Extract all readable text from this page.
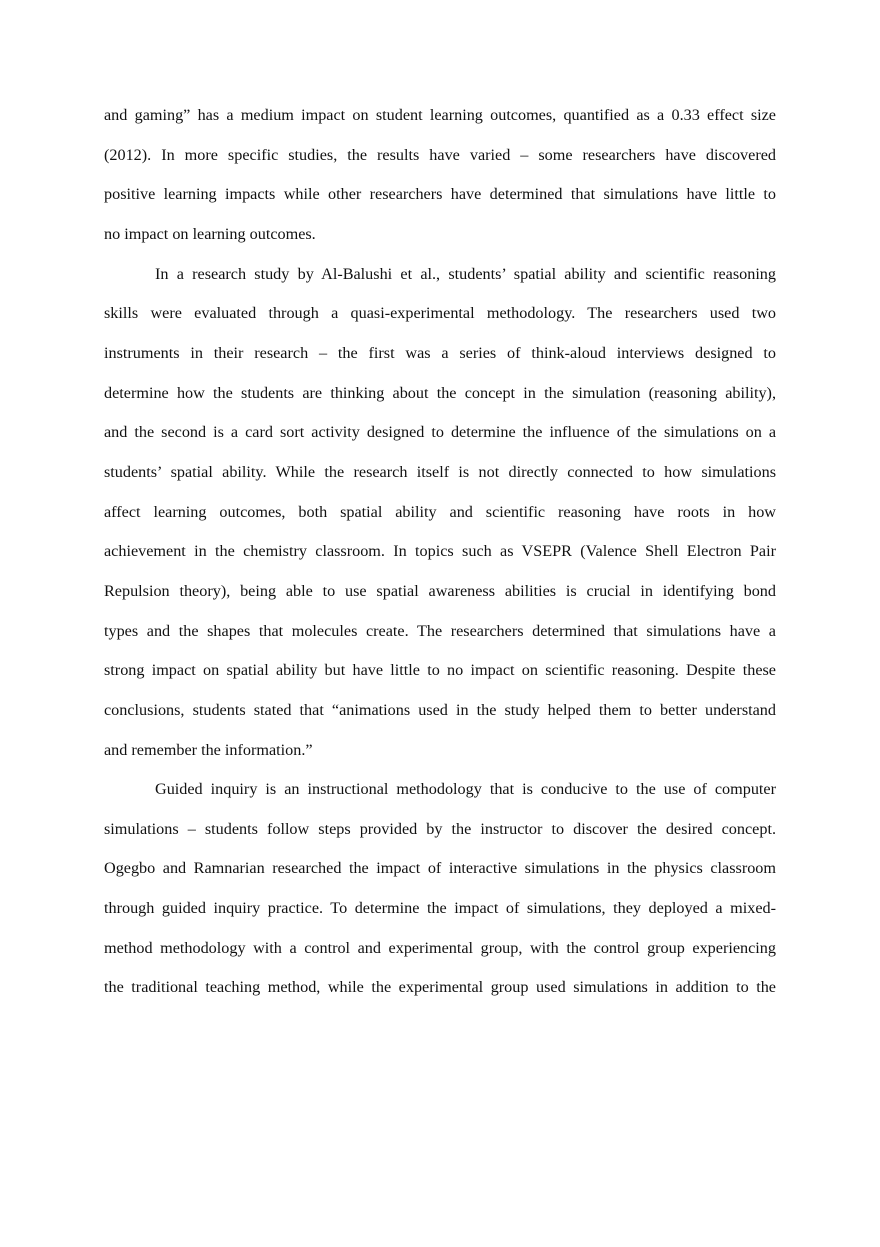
and gaming” has a medium impact on student learning outcomes, quantified as a 0.33 effect size
(2012). In more specific studies, the results have varied – some researchers have discovered
positive learning impacts while other researchers have determined that simulations have little to
no impact on learning outcomes.
In a research study by Al-Balushi et al., students’ spatial ability and scientific reasoning
skills were evaluated through a quasi-experimental methodology. The researchers used two
instruments in their research – the first was a series of think-aloud interviews designed to
determine how the students are thinking about the concept in the simulation (reasoning ability),
and the second is a card sort activity designed to determine the influence of the simulations on a
students’ spatial ability. While the research itself is not directly connected to how simulations
affect learning outcomes, both spatial ability and scientific reasoning have roots in how
achievement in the chemistry classroom. In topics such as VSEPR (Valence Shell Electron Pair
Repulsion theory), being able to use spatial awareness abilities is crucial in identifying bond
types and the shapes that molecules create. The researchers determined that simulations have a
strong impact on spatial ability but have little to no impact on scientific reasoning. Despite these
conclusions, students stated that “animations used in the study helped them to better understand
and remember the information.”
Guided inquiry is an instructional methodology that is conducive to the use of computer
simulations – students follow steps provided by the instructor to discover the desired concept.
Ogegbo and Ramnarian researched the impact of interactive simulations in the physics classroom
through guided inquiry practice. To determine the impact of simulations, they deployed a mixed-
method methodology with a control and experimental group, with the control group experiencing
the traditional teaching method, while the experimental group used simulations in addition to the
